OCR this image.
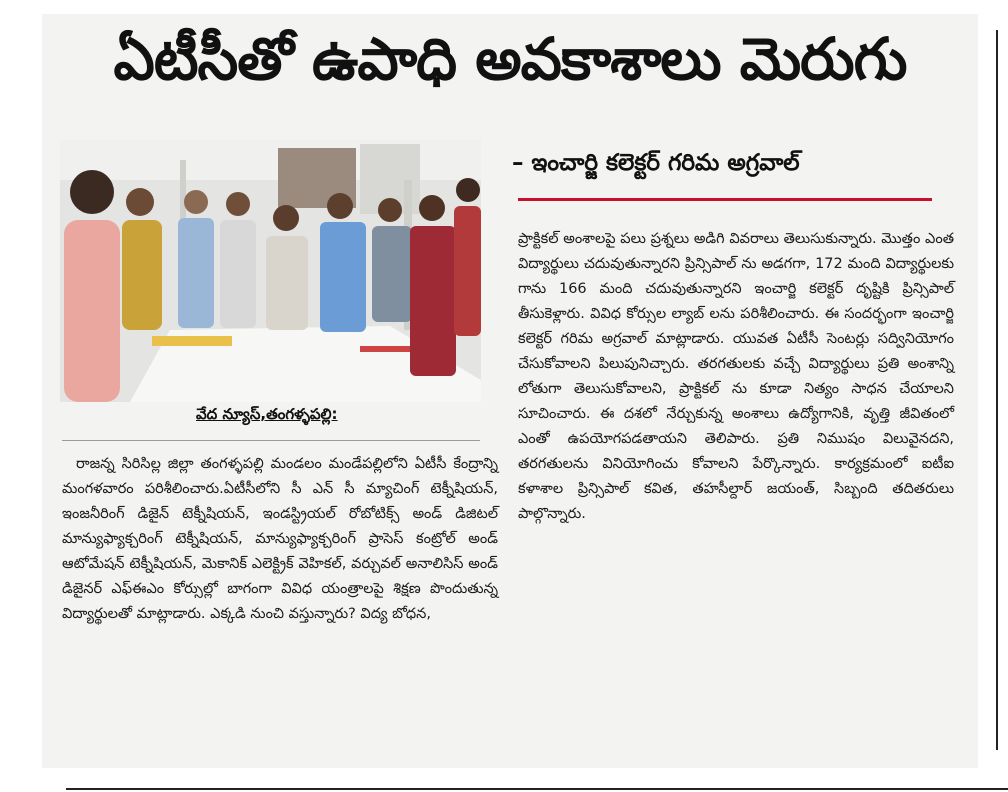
ఏటీసీతో ఉపాధి అవకాశాలు మెరుగు

– ఇంచార్జి కలెక్టర్ గరిమ అగ్రవాల్

వేద న్యూస్,తంగళ్ళపల్లి:

రాజన్న సిరిసిల్ల జిల్లా తంగళ్ళపల్లి మండలం మండేపల్లిలోని ఏటీసీ కేంద్రాన్ని మంగళవారం పరిశీలించారు.ఏటీసీలోని సీ ఎన్ సీ మ్యాచింగ్ టెక్నీషియన్, ఇంజనీరింగ్ డిజైన్ టెక్నీషియన్, ఇండస్ట్రియల్ రోబోటిక్స్ అండ్ డిజిటల్ మాన్యుఫ్యాక్చరింగ్ టెక్నీషియన్, మాన్యుఫ్యాక్చరింగ్ ప్రాసెస్ కంట్రోల్ అండ్ ఆటోమేషన్ టెక్నీషియన్, మెకానిక్ ఎలెక్ట్రిక్ వెహికల్, వర్చువల్ అనాలిసిస్ అండ్ డిజైనర్ ఎఫ్ఈఎం కోర్సుల్లో బాగంగా వివిధ యంత్రాలపై శిక్షణ పొందుతున్న విద్యార్థులతో మాట్లాడారు. ఎక్కడి నుంచి వస్తున్నారు? విద్య బోధన,

ప్రాక్టికల్ అంశాలపై పలు ప్రశ్నలు అడిగి వివరాలు తెలుసుకున్నారు. మొత్తం ఎంత విద్యార్థులు చదువుతున్నారని ప్రిన్సిపాల్ ను అడగగా, 172 మంది విద్యార్థులకు గాను 166 మంది చదువుతున్నారని ఇంచార్జి కలెక్టర్ దృష్టికి ప్రిన్సిపాల్ తీసుకెళ్లారు. వివిధ కోర్సుల ల్యాబ్ లను పరిశీలించారు. ఈ సందర్భంగా ఇంచార్జి కలెక్టర్ గరిమ అగ్రవాల్ మాట్లాడారు. యువత ఏటీసీ సెంటర్లు సద్వినియోగం చేసుకోవాలని పిలుపునిచ్చారు. తరగతులకు వచ్చే విద్యార్థులు ప్రతి అంశాన్ని లోతుగా తెలుసుకోవాలని, ప్రాక్టికల్ ను కూడా నిత్యం సాధన చేయాలని సూచించారు. ఈ దశలో నేర్చుకున్న అంశాలు ఉద్యోగానికి, వృత్తి జీవితంలో ఎంతో ఉపయోగపడతాయని తెలిపారు. ప్రతి నిముషం విలువైనదని, తరగతులను వినియోగించు కోవాలని పేర్కొన్నారు. కార్యక్రమంలో ఐటీఐ కళాశాల ప్రిన్సిపాల్ కవిత, తహసీల్దార్ జయంత్, సిబ్బంది తదితరులు పాల్గొన్నారు.
